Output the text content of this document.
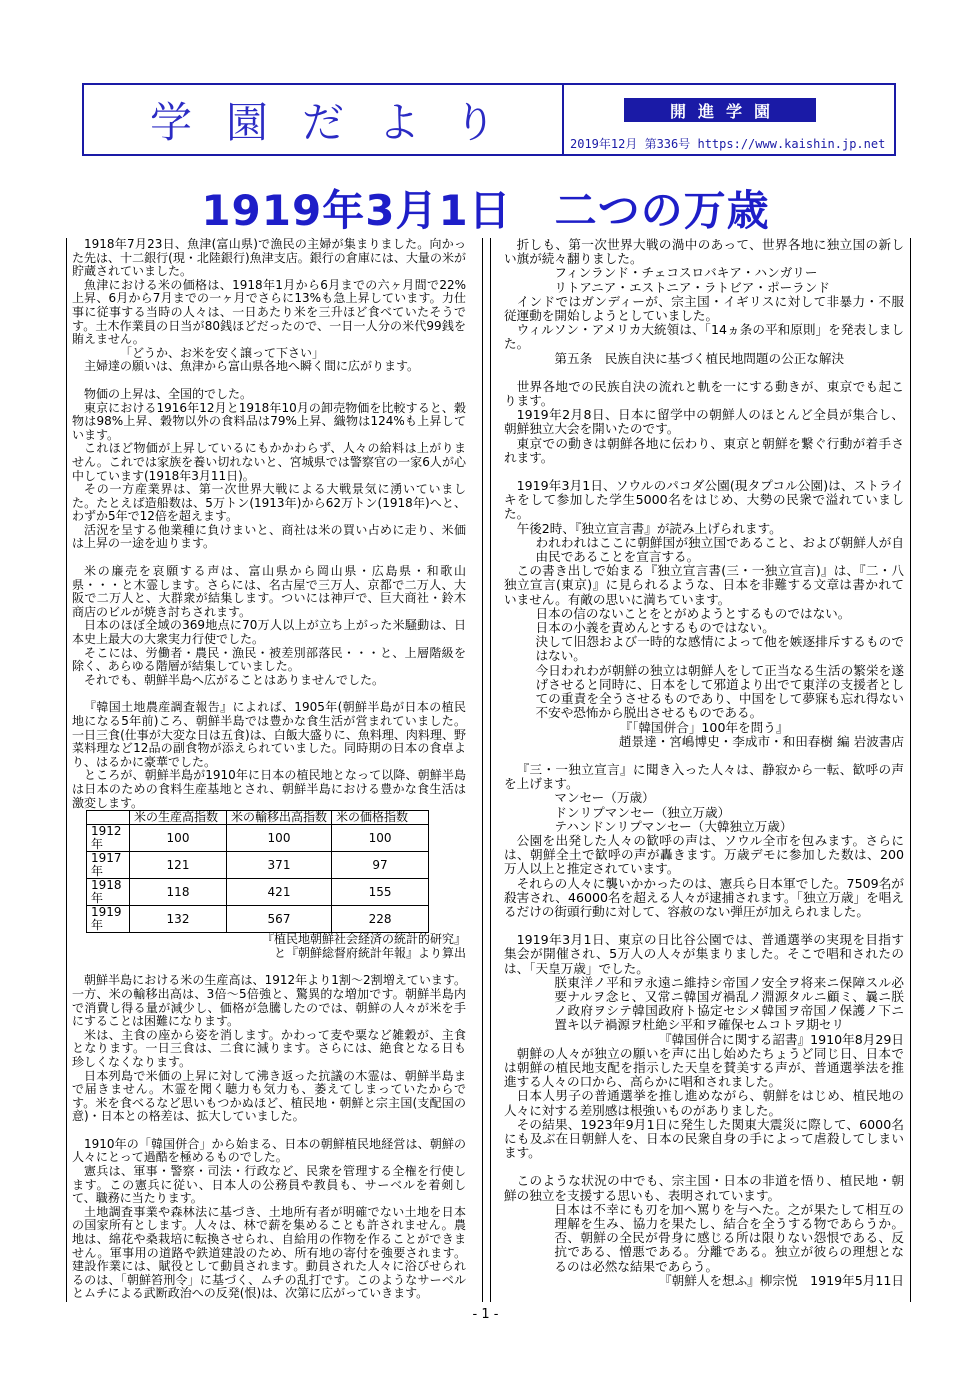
学園だより	開進学園
2019年12月 第336号 https://www.kaishin.jp.net
1919年3月1日　二つの万歳

1918年7月23日、魚津(富山県)で漁民の主婦が集まりました。向かった先は、十二銀行(現・北陸銀行)魚津支店。銀行の倉庫には、大量の米が貯蔵されていました。

魚津における米の価格は、1918年1月から6月までの六ヶ月間で22%上昇、6月から7月までの一ヶ月でさらに13%も急上昇しています。力仕事に従事する当時の人々は、一日あたり米を三升ほど食べていたそうです。土木作業員の日当が80銭ほどだったので、一日一人分の米代99銭を賄えません。

「どうか、お米を安く譲って下さい」

主婦達の願いは、魚津から富山県各地へ瞬く間に広がります。

物価の上昇は、全国的でした。

東京における1916年12月と1918年10月の卸売物価を比較すると、穀物は98%上昇、穀物以外の食料品は79%上昇、織物は124%も上昇しています。

これほど物価が上昇しているにもかかわらず、人々の給料は上がりません。これでは家族を養い切れないと、宮城県では警察官の一家6人が心中しています(1918年3月11日)。

その一方産業界は、第一次世界大戦による大戦景気に湧いていました。たとえば造船数は、5万トン(1913年)から62万トン(1918年)へと、わずか5年で12倍を超えます。

活況を呈する他業種に負けまいと、商社は米の買い占めに走り、米価は上昇の一途を辿ります。

米の廉売を哀願する声は、富山県から岡山県・広島県・和歌山県・・・と木霊します。さらには、名古屋で三万人、京都で二万人、大阪で二万人と、大群衆が結集します。ついには神戸で、巨大商社・鈴木商店のビルが焼き討ちされます。

日本のほぼ全域の369地点に70万人以上が立ち上がった米騒動は、日本史上最大の大衆実力行使でした。

そこには、労働者・農民・漁民・被差別部落民・・・と、上層階級を除く、あらゆる階層が結集していました。

それでも、朝鮮半島へ広がることはありませんでした。

『韓国土地農産調査報告』によれば、1905年(朝鮮半島が日本の植民地になる5年前)ころ、朝鮮半島では豊かな食生活が営まれていました。一日三食(仕事が大変な日は五食)は、白飯大盛りに、魚料理、肉料理、野菜料理など12品の副食物が添えられていました。同時期の日本の食卓より、はるかに豪華でした。

ところが、朝鮮半島が1910年に日本の植民地となって以降、朝鮮半島は日本のための食料生産基地とされ、朝鮮半島における豊かな食生活は激変します。

	米の生産高指数	米の輸移出高指数	米の価格指数
1912年	100	100	100
1917年	121	371	97
1918年	118	421	155
1919年	132	567	228

『植民地朝鮮社会経済の統計的研究』

と『朝鮮総督府統計年報』より算出

朝鮮半島における米の生産高は、1912年より1割～2割増えています。一方、米の輸移出高は、3倍～5倍強と、驚異的な増加です。朝鮮半島内で消費し得る量が減少し、価格が急騰したのでは、朝鮮の人々が米を手にすることは困難になります。

米は、主食の座から姿を消します。かわって麦や粟など雑穀が、主食となります。一日三食は、二食に減ります。さらには、絶食となる日も珍しくなくなります。

日本列島で米価の上昇に対して沸き返った抗議の木霊は、朝鮮半島まで届きません。木霊を聞く聴力も気力も、萎えてしまっていたからです。米を食べるなど思いもつかぬほど、植民地・朝鮮と宗主国(支配国の意)・日本との格差は、拡大していました。

1910年の「韓国併合」から始まる、日本の朝鮮植民地経営は、朝鮮の人々にとって過酷を極めるものでした。

憲兵は、軍事・警察・司法・行政など、民衆を管理する全権を行使します。この憲兵に従い、日本人の公務員や教員も、サーベルを着剣して、職務に当たります。

土地調査事業や森林法に基づき、土地所有者が明確でない土地を日本の国家所有とします。人々は、林で薪を集めることも許されません。農地は、綿花や桑栽培に転換させられ、自給用の作物を作ることができません。軍事用の道路や鉄道建設のため、所有地の寄付を強要されます。建設作業には、賦役として動員されます。動員された人々に浴びせられるのは、「朝鮮笞刑令」に基づく、ムチの乱打です。このようなサーベルとムチによる武断政治への反発(恨)は、次第に広がっていきます。

折しも、第一次世界大戦の渦中のあって、世界各地に独立国の新しい旗が続々翻りました。

フィンランド・チェコスロバキア・ハンガリー

リトアニア・エストニア・ラトビア・ポーランド

インドではガンディーが、宗主国・イギリスに対して非暴力・不服従運動を開始しようとしていました。

ウィルソン・アメリカ大統領は、「14ヵ条の平和原則」を発表しました。

第五条　民族自決に基づく植民地問題の公正な解決

世界各地での民族自決の流れと軌を一にする動きが、東京でも起こります。

1919年2月8日、日本に留学中の朝鮮人のほとんど全員が集合し、朝鮮独立大会を開いたのです。

東京での動きは朝鮮各地に伝わり、東京と朝鮮を繋ぐ行動が着手されます。

1919年3月1日、ソウルのパコダ公園(現タプコル公園)は、ストライキをして参加した学生5000名をはじめ、大勢の民衆で溢れていました。

午後2時、『独立宣言書』が読み上げられます。

われわれはここに朝鮮国が独立国であること、および朝鮮人が自由民であることを宣言する。

この書き出しで始まる『独立宣言書(三・一独立宣言)』は、『二・八独立宣言(東京)』に見られるような、日本を非難する文章は書かれていません。有敵の思いに満ちています。

日本の信のないことをとがめようとするものではない。

日本の小義を責めんとするものではない。

決して旧怨および一時的な感情によって他を嫉逐排斥するものではない。

今日われわが朝鮮の独立は朝鮮人をして正当なる生活の繁栄を遂げさせると同時に、日本をして邪道より出でて東洋の支援者としての重責を全うさせるものであり、中国をして夢寐も忘れ得ない不安や恐怖から脱出させるものである。

『「韓国併合」100年を問う』

趙景達・宮嶋博史・李成市・和田春樹 編 岩波書店

『三・一独立宣言』に聞き入った人々は、静寂から一転、歓呼の声を上げます。

マンセー（万歳）

ドンリプマンセー（独立万歳）

テハンドンリプマンセー（大韓独立万歳）

公園を出発した人々の歓呼の声は、ソウル全市を包みます。さらには、朝鮮全土で歓呼の声が轟きます。万歳デモに参加した数は、200万人以上と推定されています。

それらの人々に襲いかかったのは、憲兵ら日本軍でした。7509名が殺害され、46000名を超える人々が逮捕されます。「独立万歳」を唱えるだけの街頭行動に対して、容赦のない弾圧が加えられました。

1919年3月1日、東京の日比谷公園では、普通選挙の実現を目指す集会が開催され、5万人の人々が集まりました。そこで唱和されたのは、「天皇万歳」でした。

朕東洋ノ平和ヲ永遠ニ維持シ帝国ノ安全ヲ将来ニ保障スル必要ナルヲ念ヒ、又常ニ韓国ガ禍乱ノ淵源タルニ顧ミ、曩ニ朕ノ政府ヲシテ韓国政府ト協定セシメ韓国ヲ帝国ノ保護ノ下ニ置キ以テ禍源ヲ杜絶シ平和ヲ確保セムコトヲ期セリ

『韓国併合に関する詔書』1910年8月29日

朝鮮の人々が独立の願いを声に出し始めたちょうど同じ日、日本では朝鮮の植民地支配を指示した天皇を賛美する声が、普通選挙法を推進する人々の口から、高らかに唱和されました。

日本人男子の普通選挙を推し進めながら、朝鮮をはじめ、植民地の人々に対する差別感は根強いものがありました。

その結果、1923年9月1日に発生した関東大震災に際して、6000名にも及ぶ在日朝鮮人を、日本の民衆自身の手によって虐殺してしまいます。

このような状況の中でも、宗主国・日本の非道を悟り、植民地・朝鮮の独立を支援する思いも、表明されています。

日本は不幸にも刃を加へ罵りを与へた。之が果たして相互の理解を生み、協力を果たし、結合を全うする物であらうか。否、朝鮮の全民が骨身に感じる所は限りない怨恨である、反抗である、憎悪である。分離である。独立が彼らの理想となるのは必然な結果であらう。

『朝鮮人を想ふ』柳宗悦　1919年5月11日

- 1 -
